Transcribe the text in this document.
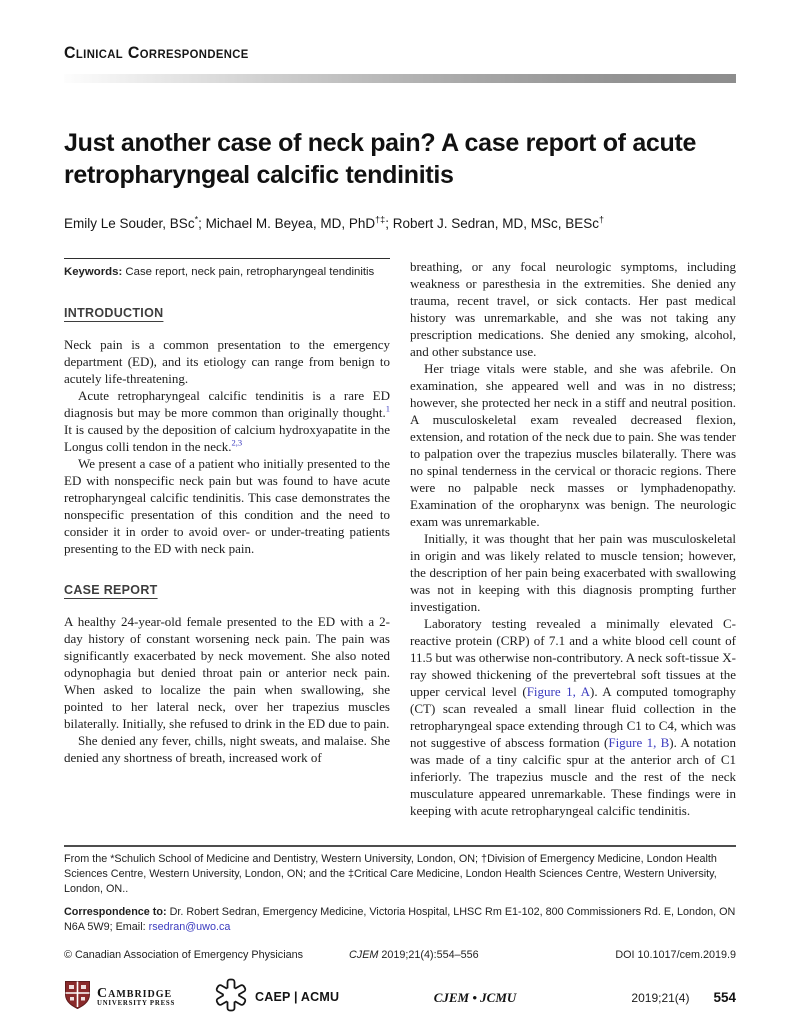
Clinical Correspondence
Just another case of neck pain? A case report of acute retropharyngeal calcific tendinitis
Emily Le Souder, BSc*; Michael M. Beyea, MD, PhD†‡; Robert J. Sedran, MD, MSc, BESc†
Keywords: Case report, neck pain, retropharyngeal tendinitis
INTRODUCTION

Neck pain is a common presentation to the emergency department (ED), and its etiology can range from benign to acutely life-threatening.

Acute retropharyngeal calcific tendinitis is a rare ED diagnosis but may be more common than originally thought.$^1$ It is caused by the deposition of calcium hydroxyapatite in the Longus colli tendon in the neck.$^{2,3}$

We present a case of a patient who initially presented to the ED with nonspecific neck pain but was found to have acute retropharyngeal calcific tendinitis. This case demonstrates the nonspecific presentation of this condition and the need to consider it in order to avoid over- or under-treating patients presenting to the ED with neck pain.

CASE REPORT

A healthy 24-year-old female presented to the ED with a 2-day history of constant worsening neck pain. The pain was significantly exacerbated by neck movement. She also noted odynophagia but denied throat pain or anterior neck pain. When asked to localize the pain when swallowing, she pointed to her lateral neck, over her trapezius muscles bilaterally. Initially, she refused to drink in the ED due to pain.

She denied any fever, chills, night sweats, and malaise. She denied any shortness of breath, increased work of

breathing, or any focal neurologic symptoms, including weakness or paresthesia in the extremities. She denied any trauma, recent travel, or sick contacts. Her past medical history was unremarkable, and she was not taking any prescription medications. She denied any smoking, alcohol, and other substance use.

Her triage vitals were stable, and she was afebrile. On examination, she appeared well and was in no distress; however, she protected her neck in a stiff and neutral position. A musculoskeletal exam revealed decreased flexion, extension, and rotation of the neck due to pain. She was tender to palpation over the trapezius muscles bilaterally. There was no spinal tenderness in the cervical or thoracic regions. There were no palpable neck masses or lymphadenopathy. Examination of the oropharynx was benign. The neurologic exam was unremarkable.

Initially, it was thought that her pain was musculoskeletal in origin and was likely related to muscle tension; however, the description of her pain being exacerbated with swallowing was not in keeping with this diagnosis prompting further investigation.

Laboratory testing revealed a minimally elevated C-reactive protein (CRP) of 7.1 and a white blood cell count of 11.5 but was otherwise non-contributory. A neck soft-tissue X-ray showed thickening of the prevertebral soft tissues at the upper cervical level (Figure 1, A). A computed tomography (CT) scan revealed a small linear fluid collection in the retropharyngeal space extending through C1 to C4, which was not suggestive of abscess formation (Figure 1, B). A notation was made of a tiny calcific spur at the anterior arch of C1 inferiorly. The trapezius muscle and the rest of the neck musculature appeared unremarkable. These findings were in keeping with acute retropharyngeal calcific tendinitis.

From the *Schulich School of Medicine and Dentistry, Western University, London, ON; †Division of Emergency Medicine, London Health Sciences Centre, Western University, London, ON; and the ‡Critical Care Medicine, London Health Sciences Centre, Western University, London, ON..

Correspondence to: Dr. Robert Sedran, Emergency Medicine, Victoria Hospital, LHSC Rm E1-102, 800 Commissioners Rd. E, London, ON N6A 5W9; Email: rsedran@uwo.ca

© Canadian Association of Emergency Physicians	CJEM 2019;21(4):554–556	DOI 10.1017/cem.2019.9
Cambridge
UNIVERSITY PRESS	CAEP | ACMU	CJEM • JCMU	2019;21(4) 554
